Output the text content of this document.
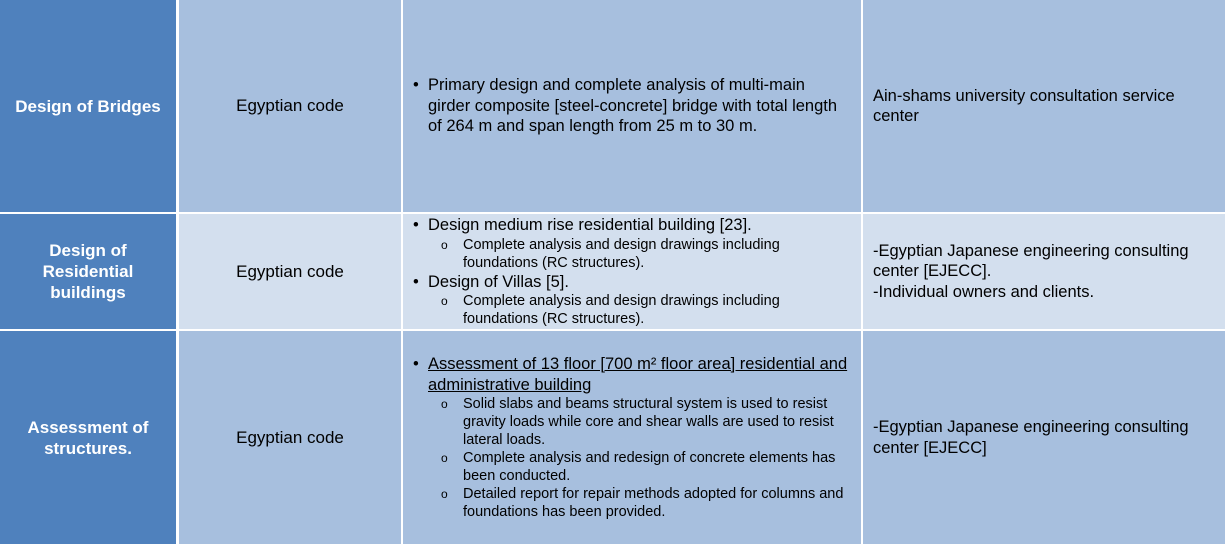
Design of Bridges	Egyptian code
• Primary design and complete analysis of multi-main girder composite [steel-concrete] bridge with total length of 264 m and span length from 25 m to 30 m.

Ain-shams university consultation service center

Design of Residential buildings
Egyptian code
• Design medium rise residential building [23].
o Complete analysis and design drawings including foundations (RC structures).
• Design of Villas [5].
o Complete analysis and design drawings including foundations (RC structures).

-Egyptian Japanese engineering consulting center [EJECC].

-Individual owners and clients.

Assessment of structures.
Egyptian code
• Assessment of 13 floor [700 m² floor area] residential and administrative building
o Solid slabs and beams structural system is used to resist gravity loads while core and shear walls are used to resist lateral loads.
o Complete analysis and redesign of concrete elements has been conducted.
o Detailed report for repair methods adopted for columns and foundations has been provided.

-Egyptian Japanese engineering consulting center [EJECC]
